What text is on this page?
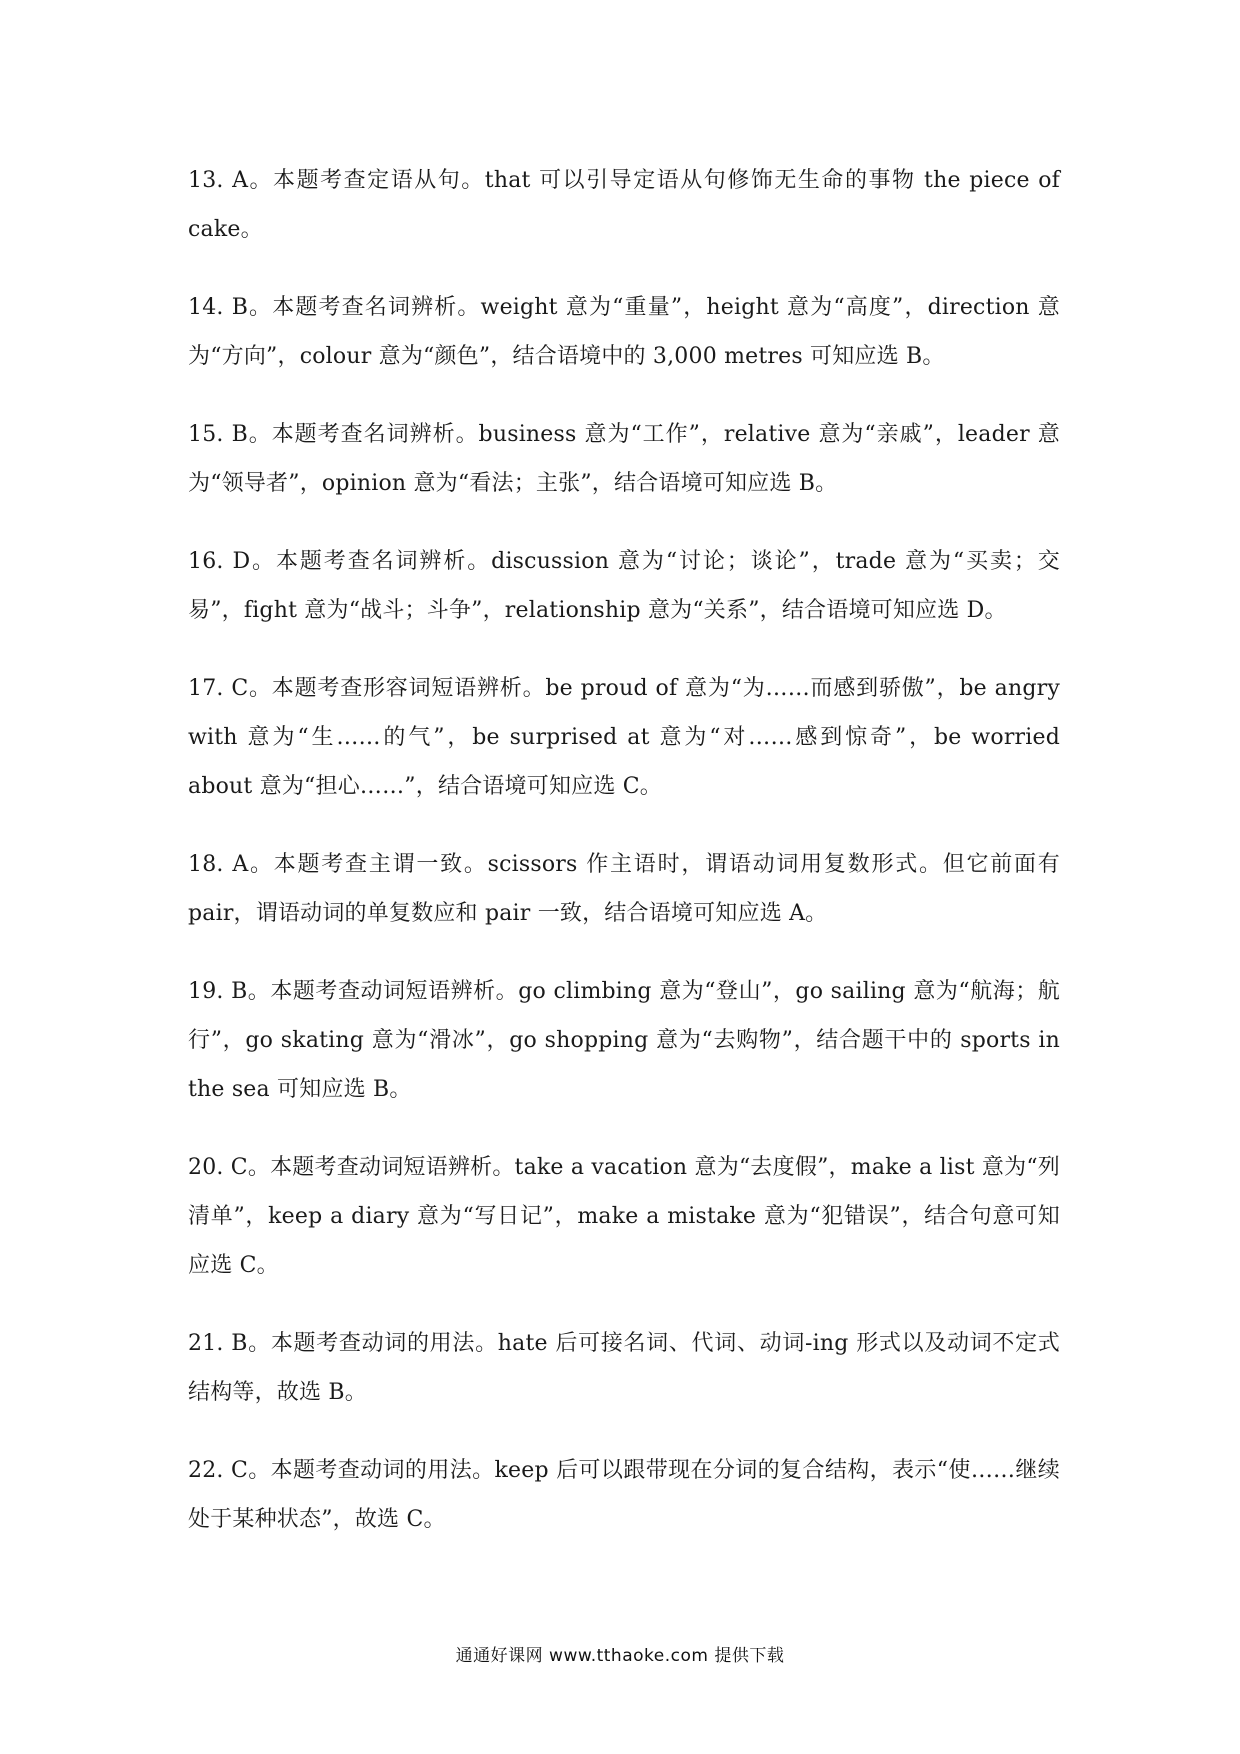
13. A。本题考查定语从句。that 可以引导定语从句修饰无生命的事物 the piece of cake。

14. B。本题考查名词辨析。weight 意为“重量”，height 意为“高度”，direction 意为“方向”，colour 意为“颜色”，结合语境中的 3,000 metres 可知应选 B。

15. B。本题考查名词辨析。business 意为“工作”，relative 意为“亲戚”，leader 意为“领导者”，opinion 意为“看法；主张”，结合语境可知应选 B。

16. D。本题考查名词辨析。discussion 意为“讨论；谈论”，trade 意为“买卖；交易”，fight 意为“战斗；斗争”，relationship 意为“关系”，结合语境可知应选 D。

17. C。本题考查形容词短语辨析。be proud of 意为“为……而感到骄傲”，be angry with 意为“生……的气”，be surprised at 意为“对……感到惊奇”，be worried about 意为“担心……”，结合语境可知应选 C。

18. A。本题考查主谓一致。scissors 作主语时，谓语动词用复数形式。但它前面有 pair，谓语动词的单复数应和 pair 一致，结合语境可知应选 A。

19. B。本题考查动词短语辨析。go climbing 意为“登山”，go sailing 意为“航海；航行”，go skating 意为“滑冰”，go shopping 意为“去购物”，结合题干中的 sports in the sea 可知应选 B。

20. C。本题考查动词短语辨析。take a vacation 意为“去度假”，make a list 意为“列清单”，keep a diary 意为“写日记”，make a mistake 意为“犯错误”，结合句意可知应选 C。

21. B。本题考查动词的用法。hate 后可接名词、代词、动词-ing 形式以及动词不定式结构等，故选 B。

22. C。本题考查动词的用法。keep 后可以跟带现在分词的复合结构，表示“使……继续处于某种状态”，故选 C。

通通好课网 www.tthaoke.com 提供下载
